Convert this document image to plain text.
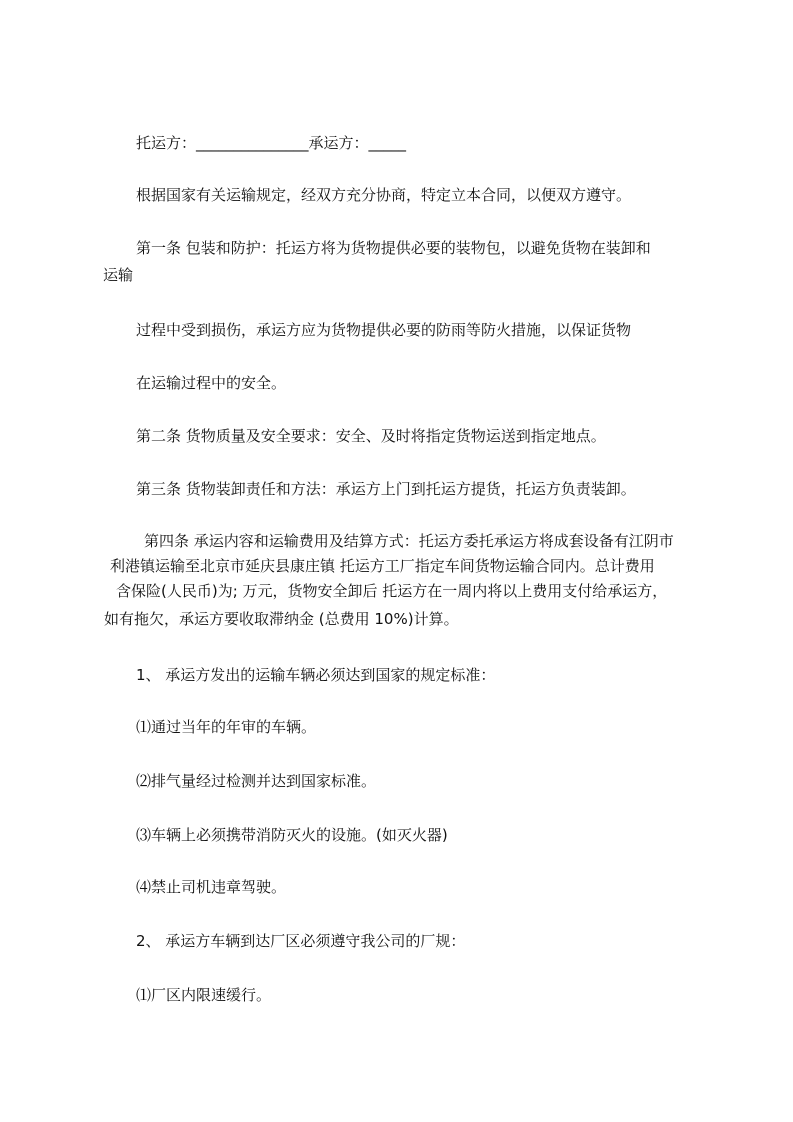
托运方：_______________承运方：_____
根据国家有关运输规定，经双方充分协商，特定立本合同，以便双方遵守。
第一条 包装和防护：托运方将为货物提供必要的装物包，以避免货物在装卸和
运输
过程中受到损伤，承运方应为货物提供必要的防雨等防火措施，以保证货物
在运输过程中的安全。
第二条 货物质量及安全要求：安全、及时将指定货物运送到指定地点。
第三条 货物装卸责任和方法：承运方上门到托运方提货，托运方负责装卸。
第四条 承运内容和运输费用及结算方式：托运方委托承运方将成套设备有江阴市
利港镇运输至北京市延庆县康庄镇 托运方工厂指定车间货物运输合同内。总计费用
含保险(人民币)为; 万元，货物安全卸后 托运方在一周内将以上费用支付给承运方，
如有拖欠，承运方要收取滞纳金 (总费用 10%)计算。
1、 承运方发出的运输车辆必须达到国家的规定标准：
⑴通过当年的年审的车辆。
⑵排气量经过检测并达到国家标准。
⑶车辆上必须携带消防灭火的设施。(如灭火器)
⑷禁止司机违章驾驶。
2、 承运方车辆到达厂区必须遵守我公司的厂规：
⑴厂区内限速缓行。
